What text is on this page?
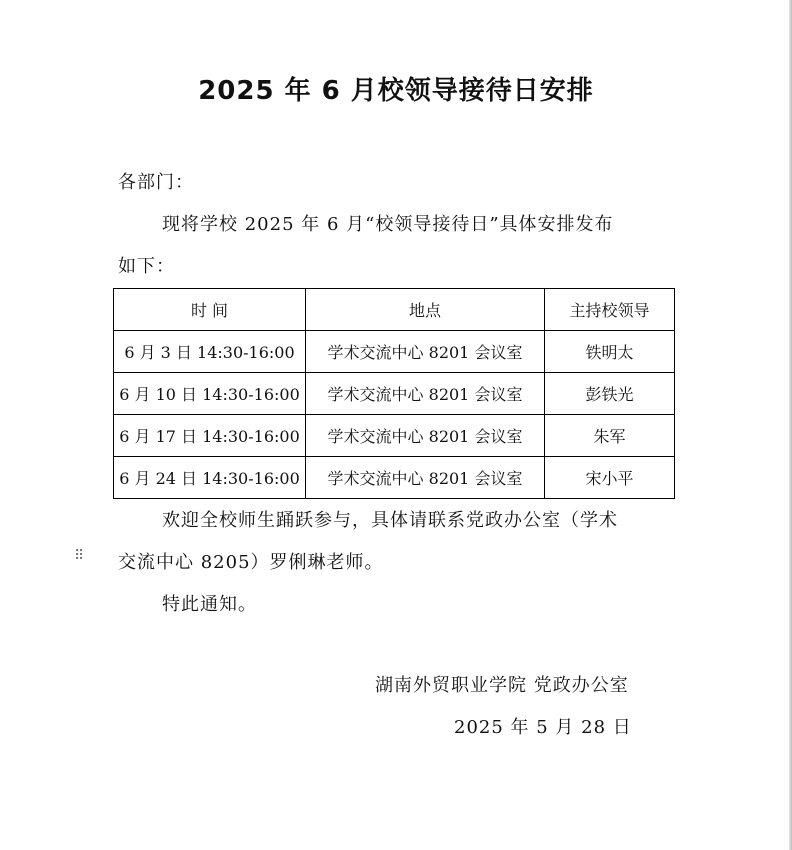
2025 年 6 月校领导接待日安排
各部门：
现将学校 2025 年 6 月“校领导接待日”具体安排发布
如下：
时 间	地点	主持校领导
6 月 3 日 14:30-16:00	学术交流中心 8201 会议室	铁明太
6 月 10 日 14:30-16:00	学术交流中心 8201 会议室	彭铁光
6 月 17 日 14:30-16:00	学术交流中心 8201 会议室	朱军
6 月 24 日 14:30-16:00	学术交流中心 8201 会议室	宋小平
欢迎全校师生踊跃参与，具体请联系党政办公室（学术
⠿ 交流中心 8205）罗俐琳老师。
特此通知。
湖南外贸职业学院 党政办公室
2025 年 5 月 28 日
